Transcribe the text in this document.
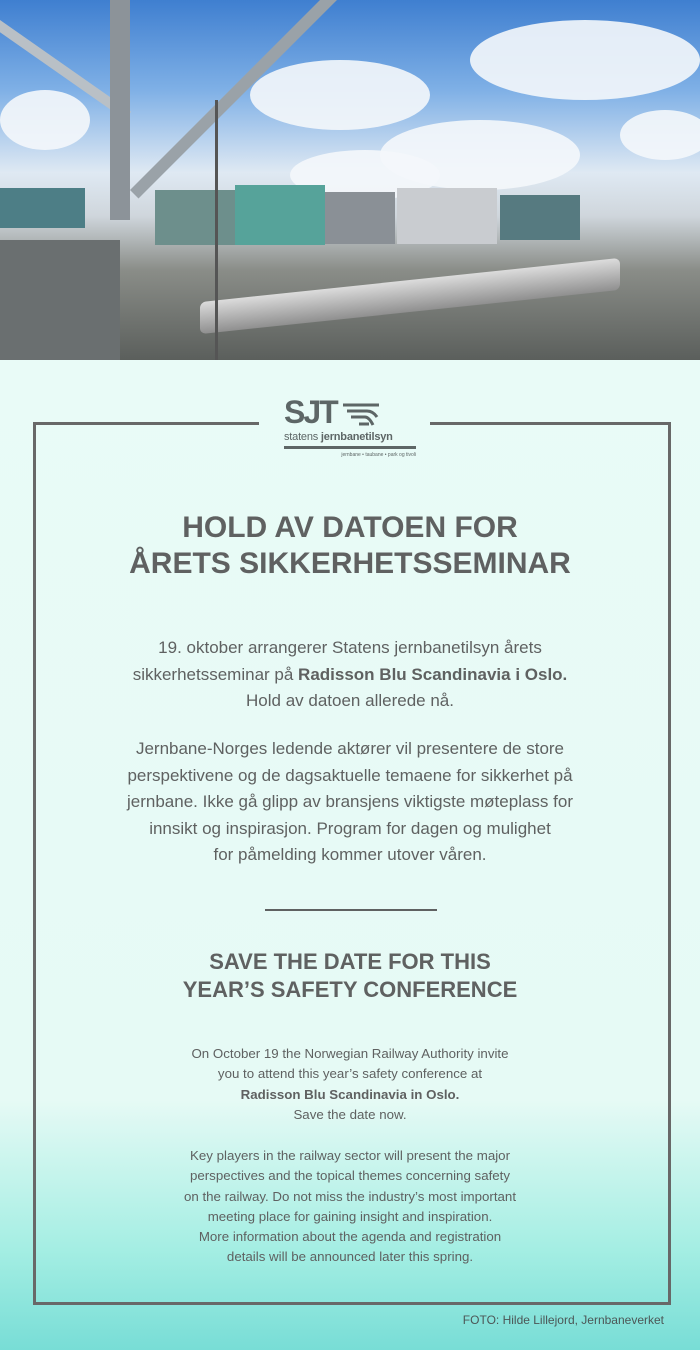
SJT
statens jernbanetilsyn
jernbane • taubane • park og tivoli
HOLD AV DATOEN FOR
ÅRETS SIKKERHETSSEMINAR
19. oktober arrangerer Statens jernbanetilsyn årets
sikkerhetsseminar på Radisson Blu Scandinavia i Oslo.
Hold av datoen allerede nå.
Jernbane-Norges ledende aktører vil presentere de store
perspektivene og de dagsaktuelle temaene for sikkerhet på
jernbane. Ikke gå glipp av bransjens viktigste møteplass for
innsikt og inspirasjon. Program for dagen og mulighet
for påmelding kommer utover våren.
SAVE THE DATE FOR THIS
YEAR’S SAFETY CONFERENCE
On October 19 the Norwegian Railway Authority invite
you to attend this year’s safety conference at
Radisson Blu Scandinavia in Oslo.
Save the date now.
Key players in the railway sector will present the major
perspectives and the topical themes concerning safety
on the railway. Do not miss the industry’s most important
meeting place for gaining insight and inspiration.
More information about the agenda and registration
details will be announced later this spring.
FOTO: Hilde Lillejord, Jernbaneverket
